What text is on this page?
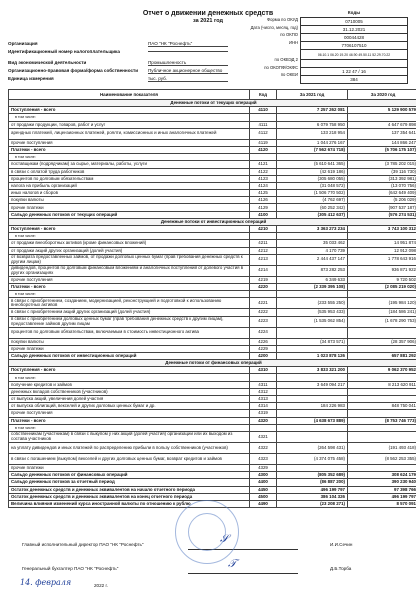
Отчет о движении денежных средств
за 2021 год
Коды
0710005
31.12.2021
00044428
7706107510
06.10.1 06.20 19.20 46.90 49.50.11 52.29.70.22

1 22 47 / 16
384
Организация	ПАО "НК "Роснефть"
Идентификационный номер налогоплательщика
Вид экономической деятельности	Промышленность
Организационно-правовая форма/форма собственности	Публичное акционерное общество
Единица измерения	тыс. руб.
Наименование показателя	Код	За 2021 год	За 2020 год
Денежные потоки от текущих операций			
Поступления - всего	4110	7 257 262 081	5 129 900 579
в том числе:			
от продажи продукции, товаров, работ и услуг	4111	6 079 758 950	4 647 679 898
арендных платежей, лицензионных платежей, роялти, комиссионных и иных аналогичных платежей	4112	133 218 954	137 354 641
прочие поступления	4119	1 044 276 167	144 866 247
Платежи - всего	4120	(7 562 674 718)	(5 706 175 107)
в том числе:			
поставщикам (подрядчикам) за сырье, материалы, работы, услуги	4121	(5 610 641 365)	(3 785 202 015)
в связи с оплатой труда работников	4122	(42 619 186)	(39 116 730)
процентов по долговым обязательствам	4123	(305 680 055)	(313 392 981)
налога на прибыль организаций	4124	(31 048 572)	(13 070 756)
иных налогов и сборов	4125	(1 506 770 502)	(642 649 409)
покупки валюты	4126	(4 762 697)	(5 206 029)
прочие платежи	4129	(60 252 342)	(907 537 187)
Сальдо денежных потоков от текущих операций	4100	(305 412 637)	(576 274 531)
Денежные потоки от инвестиционных операций			
Поступления - всего	4210	3 363 273 234	3 743 100 312
в том числе:			
от продажи внеоборотных активов (кроме финансовых вложений)	4211	35 033 462	14 951 874
от продажи акций других организаций (долей участия)	4212	4 170 739	12 912 098
от возврата предоставленных займов, от продажи долговых ценных бумаг (прав требования денежных средств к другим лицам)	4213	2 444 437 147	1 778 643 916
дивидендов, процентов по долговым финансовым вложениям и аналогичных поступлений от долевого участия в других организациях	4214	873 282 253	936 871 922
прочие поступления	4219	6 349 633	9 720 502
Платежи - всего	4220	(2 339 395 108)	(2 085 219 020)
в том числе:			
в связи с приобретением, созданием, модернизацией, реконструкцией и подготовкой к использованию внеоборотных активов	4221	(233 555 250)	(195 984 120)
в связи с приобретением акций других организаций (долей участия)	4222	(535 953 433)	(184 586 241)
в связи с приобретением долговых ценных бумаг (прав требования денежных средств к другим лицам), предоставление займов другим лицам	4223	(1 535 062 854)	(1 678 290 753)
процентов по долговым обязательствам, включаемым в стоимость инвестиционного актива	4224		
покупки валюты	4226	(34 873 571)	(28 357 906)
прочие платежи	4229		
Сальдо денежных потоков от инвестиционных операций	4200	1 023 878 126	657 881 292
Денежные потоки от финансовых операций			
Поступления - всего	4310	3 833 321 200	9 062 370 952
в том числе:			
получение кредитов и займов	4311	3 649 094 217	8 213 620 911
денежных вкладов собственников (участников)	4312		
от выпуска акций, увеличения долей участия	4313		
от выпуска облигаций, векселей и других долговых ценных бумаг и др.	4314	184 226 983	848 750 041
прочие поступления	4319		
Платежи - всего	4320	(4 638 673 889)	(8 753 746 773)
в том числе:			
собственникам (участникам) в связи с выкупом у них акций (долей участия) организации или их выходом из состава участников	4321		
на уплату дивидендов и иных платежей по распределению прибыли в пользу собственников (участников)	4322	(264 598 431)	(191 493 418)
в связи с погашением (выкупом) векселей и других долговых ценных бумаг, возврат кредитов и займов	4323	(4 374 075 458)	(8 562 253 355)
прочие платежи	4329		
Сальдо денежных потоков от финансовых операций	4300	(805 352 689)	308 624 179
Сальдо денежных потоков за отчетный период	4400	(86 887 200)	390 230 940
Остаток денежных средств и денежных эквивалентов на начало отчетного периода	4450	496 199 797	97 398 766
Остаток денежных средств и денежных эквивалентов на конец отчетного периода	4500	386 104 326	496 199 797
Величина влияния изменений курса иностранной валюты по отношению к рублю	4490	(23 208 271)	8 570 091
Главный исполнительный директор ПАО "НК "Роснефть"	𝒮	И.И.Сечин
Генеральный бухгалтер ПАО "НК "Роснефть"	𝒯	Д.Б.Торба
14. февраля	2022 г.
Форма по ОКУД
Дата (число, месяц, год)
по ОКПО
ИНН
по ОКВЭД 2
по ОКОПФ/ОКФС
по ОКЕИ
